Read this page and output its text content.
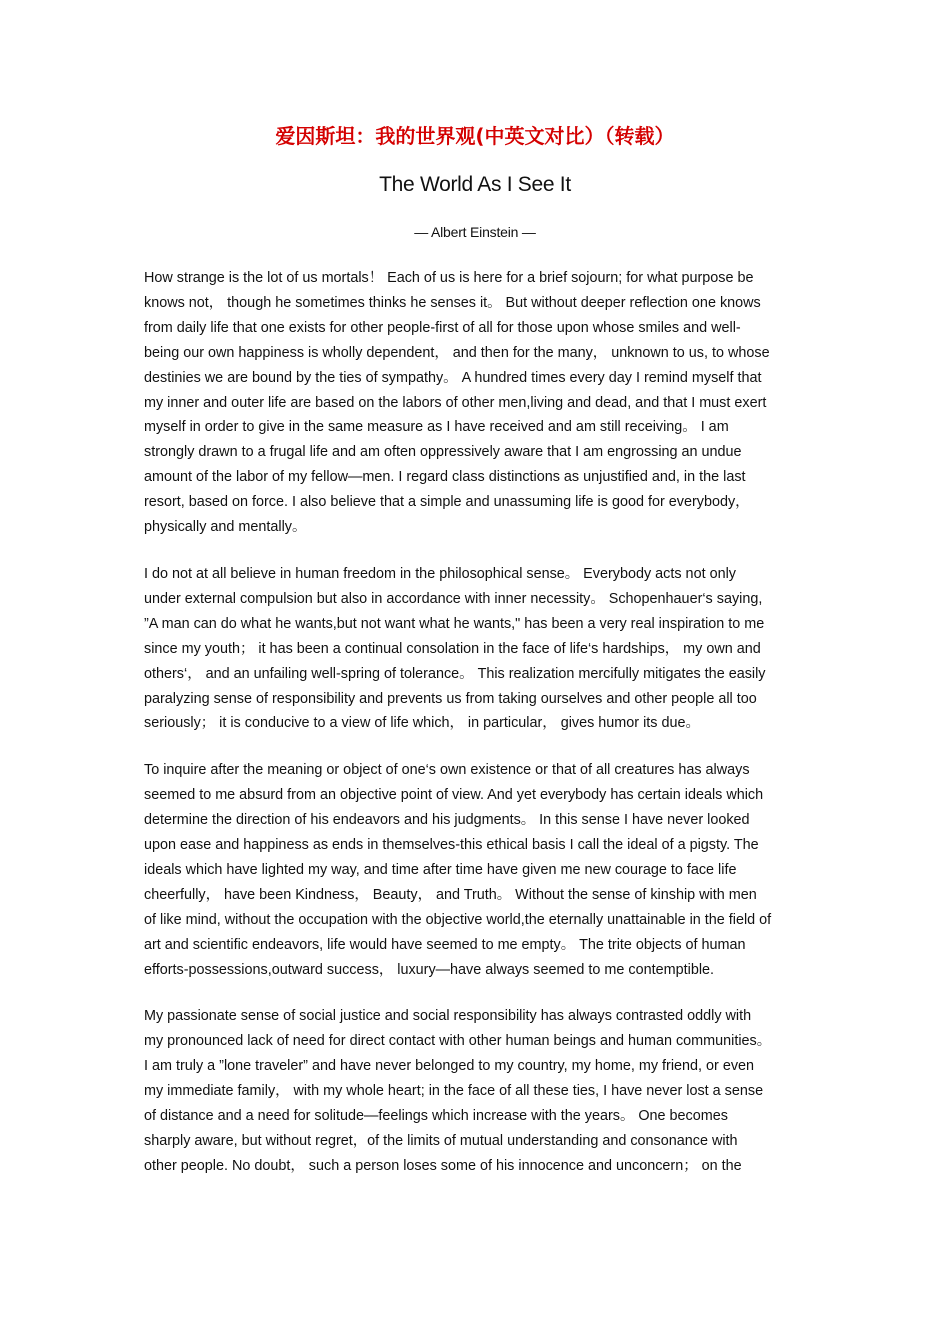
爱因斯坦：我的世界观(中英文对比）（转载）
The World As I See It
— Albert Einstein —
How strange is the lot of us mortals！ Each of us is here for a brief sojourn; for what purpose be
knows not， though he sometimes thinks he senses it。 But without deeper reflection one knows
from daily life that one exists for other people-first of all for those upon whose smiles and well-
being our own happiness is wholly dependent， and then for the many， unknown to us, to whose
destinies we are bound by the ties of sympathy。 A hundred times every day I remind myself that
my inner and outer life are based on the labors of other men,living and dead, and that I must exert
myself in order to give in the same measure as I have received and am still receiving。 I am
strongly drawn to a frugal life and am often oppressively aware that I am engrossing an undue
amount of the labor of my fellow—men. I regard class distinctions as unjustified and, in the last
resort, based on force. I also believe that a simple and unassuming life is good for everybody，
physically and mentally。
I do not at all believe in human freedom in the philosophical sense。 Everybody acts not only
under external compulsion but also in accordance with inner necessity。 Schopenhauer‘s saying,
”A man can do what he wants,but not want what he wants," has been a very real inspiration to me
since my youth； it has been a continual consolation in the face of life‘s hardships， my own and
others‘， and an unfailing well-spring of tolerance。 This realization mercifully mitigates the easily
paralyzing sense of responsibility and prevents us from taking ourselves and other people all too
seriously； it is conducive to a view of life which， in particular， gives humor its due。
To inquire after the meaning or object of one‘s own existence or that of all creatures has always
seemed to me absurd from an objective point of view. And yet everybody has certain ideals which
determine the direction of his endeavors and his judgments。 In this sense I have never looked
upon ease and happiness as ends in themselves-this ethical basis I call the ideal of a pigsty. The
ideals which have lighted my way, and time after time have given me new courage to face life
cheerfully， have been Kindness， Beauty， and Truth。 Without the sense of kinship with men
of like mind, without the occupation with the objective world,the eternally unattainable in the field of
art and scientific endeavors, life would have seemed to me empty。 The trite objects of human
efforts-possessions,outward success， luxury—have always seemed to me contemptible.
My passionate sense of social justice and social responsibility has always contrasted oddly with
my pronounced lack of need for direct contact with other human beings and human communities。
I am truly a ”lone traveler” and have never belonged to my country, my home, my friend, or even
my immediate family， with my whole heart; in the face of all these ties, I have never lost a sense
of distance and a need for solitude—feelings which increase with the years。 One becomes
sharply aware, but without regret，of the limits of mutual understanding and consonance with
other people. No doubt， such a person loses some of his innocence and unconcern； on the
